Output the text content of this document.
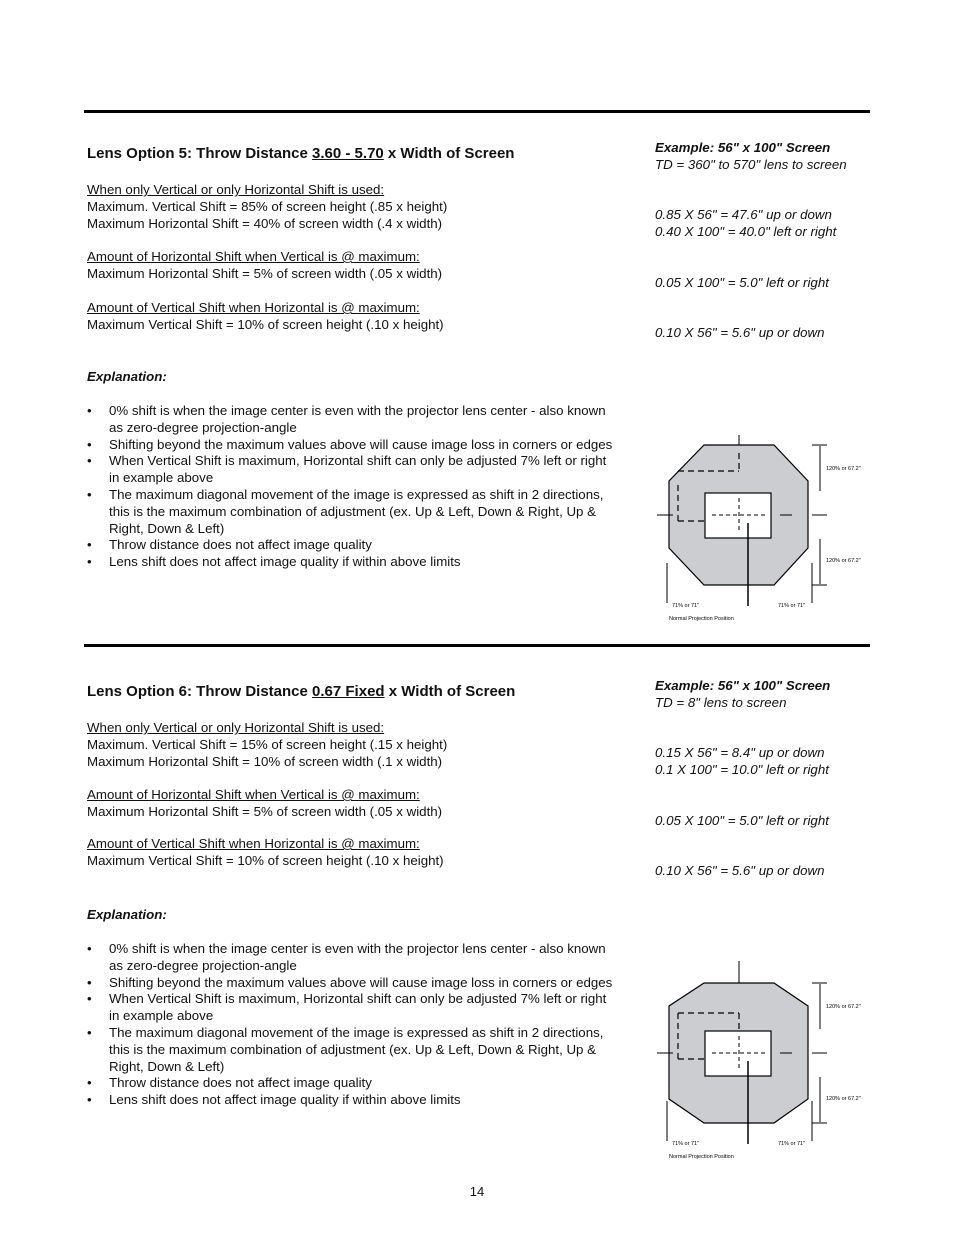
Lens Option 5: Throw Distance 3.60 - 5.70 x Width of Screen
When only Vertical or only Horizontal Shift is used:
Maximum. Vertical Shift = 85% of screen height (.85 x height)
Maximum Horizontal Shift = 40% of screen width (.4 x width)
Amount of Horizontal Shift when Vertical is @ maximum:
Maximum Horizontal Shift = 5% of screen width (.05 x width)
Amount of Vertical Shift when Horizontal is @ maximum:
Maximum Vertical Shift = 10% of screen height (.10 x height)
Explanation:
• 0% shift is when the image center is even with the projector lens center - also known
as zero-degree projection-angle
• Shifting beyond the maximum values above will cause image loss in corners or edges
• When Vertical Shift is maximum, Horizontal shift can only be adjusted 7% left or right
in example above
• The maximum diagonal movement of the image is expressed as shift in 2 directions,
this is the maximum combination of adjustment (ex. Up & Left, Down & Right, Up &
Right, Down & Left)
• Throw distance does not affect image quality
• Lens shift does not affect image quality if within above limits
Example: 56" x 100" Screen
TD = 360" to 570" lens to screen
0.85 X 56" = 47.6" up or down
0.40 X 100" = 40.0" left or right
0.05 X 100" = 5.0" left or right
0.10 X 56" = 5.6" up or down
120% or 67.2"
120% or 67.2"
71% or 71"	71% or 71"
Normal Projection Position
Lens Option 6: Throw Distance 0.67 Fixed x Width of Screen
When only Vertical or only Horizontal Shift is used:
Maximum. Vertical Shift = 15% of screen height (.15 x height)
Maximum Horizontal Shift = 10% of screen width (.1 x width)
Amount of Horizontal Shift when Vertical is @ maximum:
Maximum Horizontal Shift = 5% of screen width (.05 x width)
Amount of Vertical Shift when Horizontal is @ maximum:
Maximum Vertical Shift = 10% of screen height (.10 x height)
Explanation:
• 0% shift is when the image center is even with the projector lens center - also known
as zero-degree projection-angle
• Shifting beyond the maximum values above will cause image loss in corners or edges
• When Vertical Shift is maximum, Horizontal shift can only be adjusted 7% left or right
in example above
• The maximum diagonal movement of the image is expressed as shift in 2 directions,
this is the maximum combination of adjustment (ex. Up & Left, Down & Right, Up &
Right, Down & Left)
• Throw distance does not affect image quality
• Lens shift does not affect image quality if within above limits
Example: 56" x 100" Screen
TD = 8" lens to screen
0.15 X 56" = 8.4" up or down
0.1 X 100" = 10.0" left or right
0.05 X 100" = 5.0" left or right
0.10 X 56" = 5.6" up or down
120% or 67.2"
120% or 67.2"
71% or 71"	71% or 71"
Normal Projection Position
14
